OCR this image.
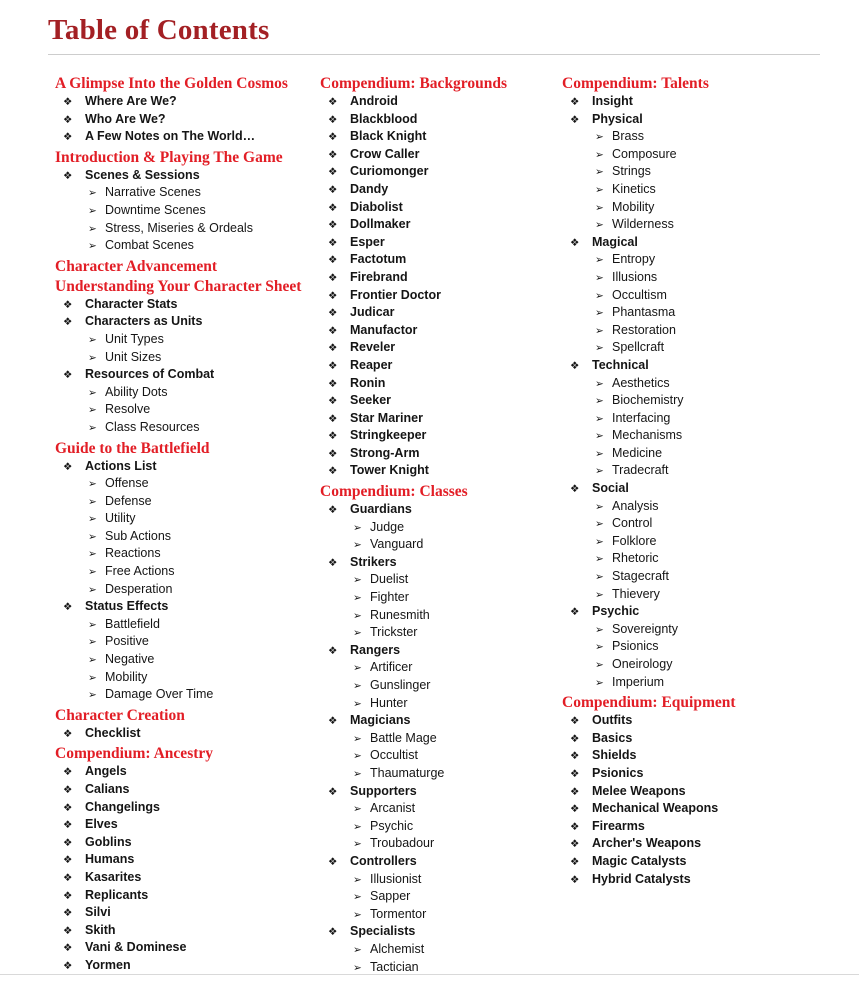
Table of Contents
A Glimpse Into the Golden Cosmos
❖	Where Are We?
❖	Who Are We?
❖	A Few Notes on The World…
Introduction & Playing The Game
❖	Scenes & Sessions
➢ Narrative Scenes
➢ Downtime Scenes
➢ Stress, Miseries & Ordeals
➢ Combat Scenes
Character Advancement
Understanding Your Character Sheet
❖	Character Stats
❖	Characters as Units
➢ Unit Types
➢ Unit Sizes
❖	Resources of Combat
➢ Ability Dots
➢ Resolve
➢ Class Resources
Guide to the Battlefield
❖	Actions List
➢ Offense
➢ Defense
➢ Utility
➢ Sub Actions
➢ Reactions
➢ Free Actions
➢ Desperation
❖	Status Effects
➢ Battlefield
➢ Positive
➢ Negative
➢ Mobility
➢ Damage Over Time
Character Creation
❖	Checklist
Compendium: Ancestry
❖	Angels
❖	Calians
❖	Changelings
❖	Elves
❖	Goblins
❖	Humans
❖	Kasarites
❖	Replicants
❖	Silvi
❖	Skith
❖	Vani & Dominese
❖	Yormen
Compendium: Backgrounds
❖	Android
❖	Blackblood
❖	Black Knight
❖	Crow Caller
❖	Curiomonger
❖	Dandy
❖	Diabolist
❖	Dollmaker
❖	Esper
❖	Factotum
❖	Firebrand
❖	Frontier Doctor
❖	Judicar
❖	Manufactor
❖	Reveler
❖	Reaper
❖	Ronin
❖	Seeker
❖	Star Mariner
❖	Stringkeeper
❖	Strong-Arm
❖	Tower Knight
Compendium: Classes
❖	Guardians
➢ Judge
➢ Vanguard
❖	Strikers
➢ Duelist
➢ Fighter
➢ Runesmith
➢ Trickster
❖	Rangers
➢ Artificer
➢ Gunslinger
➢ Hunter
❖	Magicians
➢ Battle Mage
➢ Occultist
➢ Thaumaturge
❖	Supporters
➢ Arcanist
➢ Psychic
➢ Troubadour
❖	Controllers
➢ Illusionist
➢ Sapper
➢ Tormentor
❖	Specialists
➢ Alchemist
➢ Tactician
Compendium: Talents
❖	Insight
❖	Physical
➢ Brass
➢ Composure
➢ Strings
➢ Kinetics
➢ Mobility
➢ Wilderness
❖	Magical
➢ Entropy
➢ Illusions
➢ Occultism
➢ Phantasma
➢ Restoration
➢ Spellcraft
❖	Technical
➢ Aesthetics
➢ Biochemistry
➢ Interfacing
➢ Mechanisms
➢ Medicine
➢ Tradecraft
❖	Social
➢ Analysis
➢ Control
➢ Folklore
➢ Rhetoric
➢ Stagecraft
➢ Thievery
❖	Psychic
➢ Sovereignty
➢ Psionics
➢ Oneirology
➢ Imperium
Compendium: Equipment
❖	Outfits
❖	Basics
❖	Shields
❖	Psionics
❖	Melee Weapons
❖	Mechanical Weapons
❖	Firearms
❖	Archer's Weapons
❖	Magic Catalysts
❖	Hybrid Catalysts
